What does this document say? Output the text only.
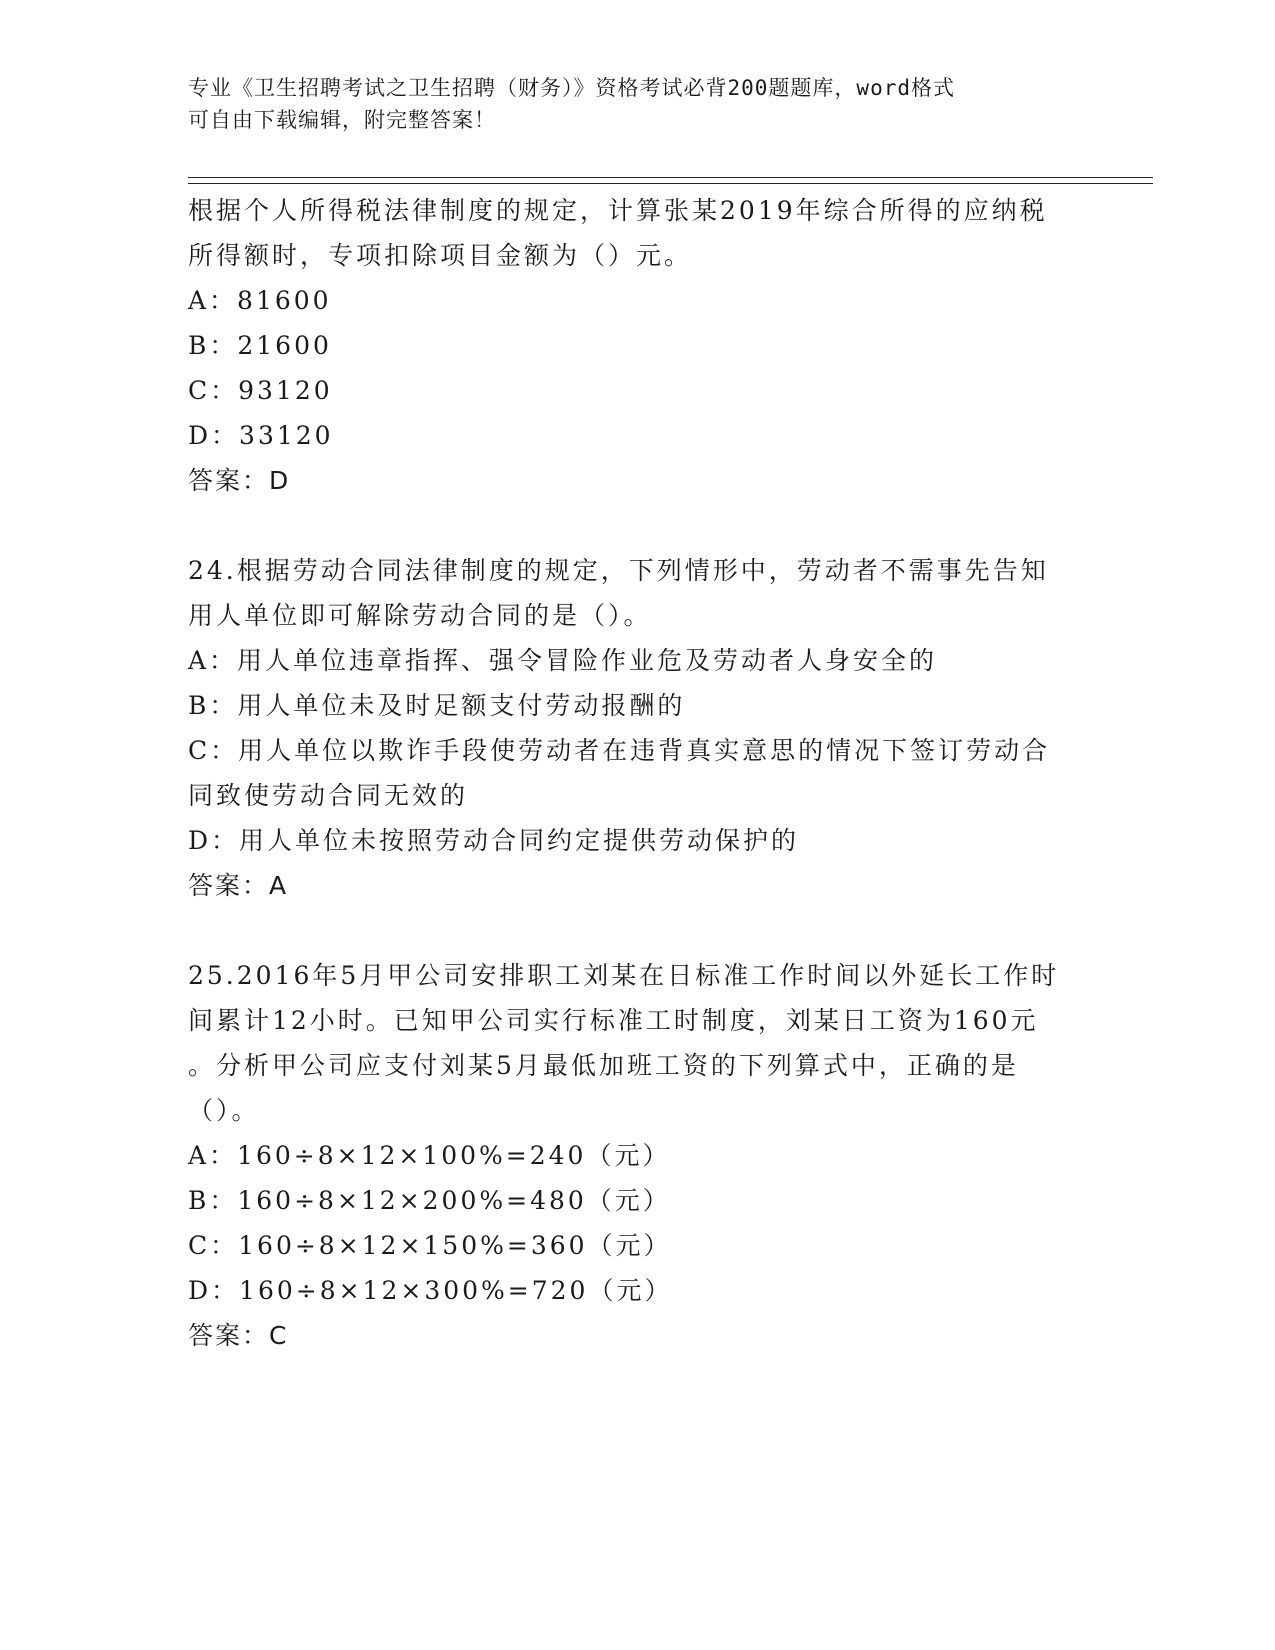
专业《卫生招聘考试之卫生招聘（财务）》资格考试必背200题题库，word格式
可自由下载编辑，附完整答案！
根据个人所得税法律制度的规定，计算张某2019年综合所得的应纳税
所得额时，专项扣除项目金额为（）元。
A：81600
B：21600
C：93120
D：33120
答案：D
24.根据劳动合同法律制度的规定，下列情形中，劳动者不需事先告知
用人单位即可解除劳动合同的是（）。
A：用人单位违章指挥、强令冒险作业危及劳动者人身安全的
B：用人单位未及时足额支付劳动报酬的
C：用人单位以欺诈手段使劳动者在违背真实意思的情况下签订劳动合
同致使劳动合同无效的
D：用人单位未按照劳动合同约定提供劳动保护的
答案：A
25.2016年5月甲公司安排职工刘某在日标准工作时间以外延长工作时
间累计12小时。已知甲公司实行标准工时制度，刘某日工资为160元
。分析甲公司应支付刘某5月最低加班工资的下列算式中，正确的是
（）。
A：160÷8×12×100%=240（元）
B：160÷8×12×200%=480（元）
C：160÷8×12×150%=360（元）
D：160÷8×12×300%=720（元）
答案：C
